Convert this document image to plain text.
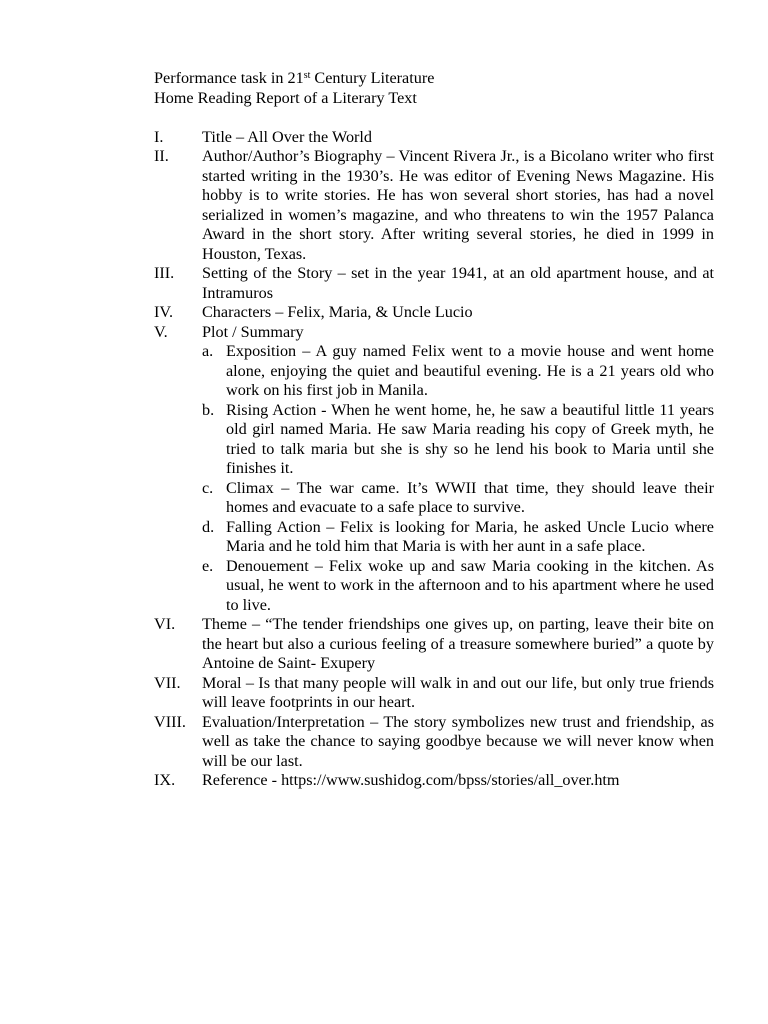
Performance task in 21st Century Literature
Home Reading Report of a Literary Text
I.	Title – All Over the World
II.	Author/Author’s Biography – Vincent Rivera Jr., is a Bicolano writer who first started writing in the 1930’s. He was editor of Evening News Magazine. His hobby is to write stories. He has won several short stories, has had a novel serialized in women’s magazine, and who threatens to win the 1957 Palanca Award in the short story. After writing several stories, he died in 1999 in Houston, Texas.
III.	Setting of the Story – set in the year 1941, at an old apartment house, and at Intramuros
IV.	Characters – Felix, Maria, & Uncle Lucio
V.	Plot / Summary
a. Exposition – A guy named Felix went to a movie house and went home alone, enjoying the quiet and beautiful evening. He is a 21 years old who work on his first job in Manila.
b. Rising Action - When he went home, he, he saw a beautiful little 11 years old girl named Maria. He saw Maria reading his copy of Greek myth, he tried to talk maria but she is shy so he lend his book to Maria until she finishes it.
c. Climax – The war came. It’s WWII that time, they should leave their homes and evacuate to a safe place to survive.
d. Falling Action – Felix is looking for Maria, he asked Uncle Lucio where Maria and he told him that Maria is with her aunt in a safe place.
e. Denouement – Felix woke up and saw Maria cooking in the kitchen. As usual, he went to work in the afternoon and to his apartment where he used to live.
VI.	Theme – “The tender friendships one gives up, on parting, leave their bite on the heart but also a curious feeling of a treasure somewhere buried” a quote by Antoine de Saint- Exupery
VII.	Moral – Is that many people will walk in and out our life, but only true friends will leave footprints in our heart.
VIII. Evaluation/Interpretation – The story symbolizes new trust and friendship, as well as take the chance to saying goodbye because we will never know when will be our last.
IX.	Reference - https://www.sushidog.com/bpss/stories/all_over.htm
